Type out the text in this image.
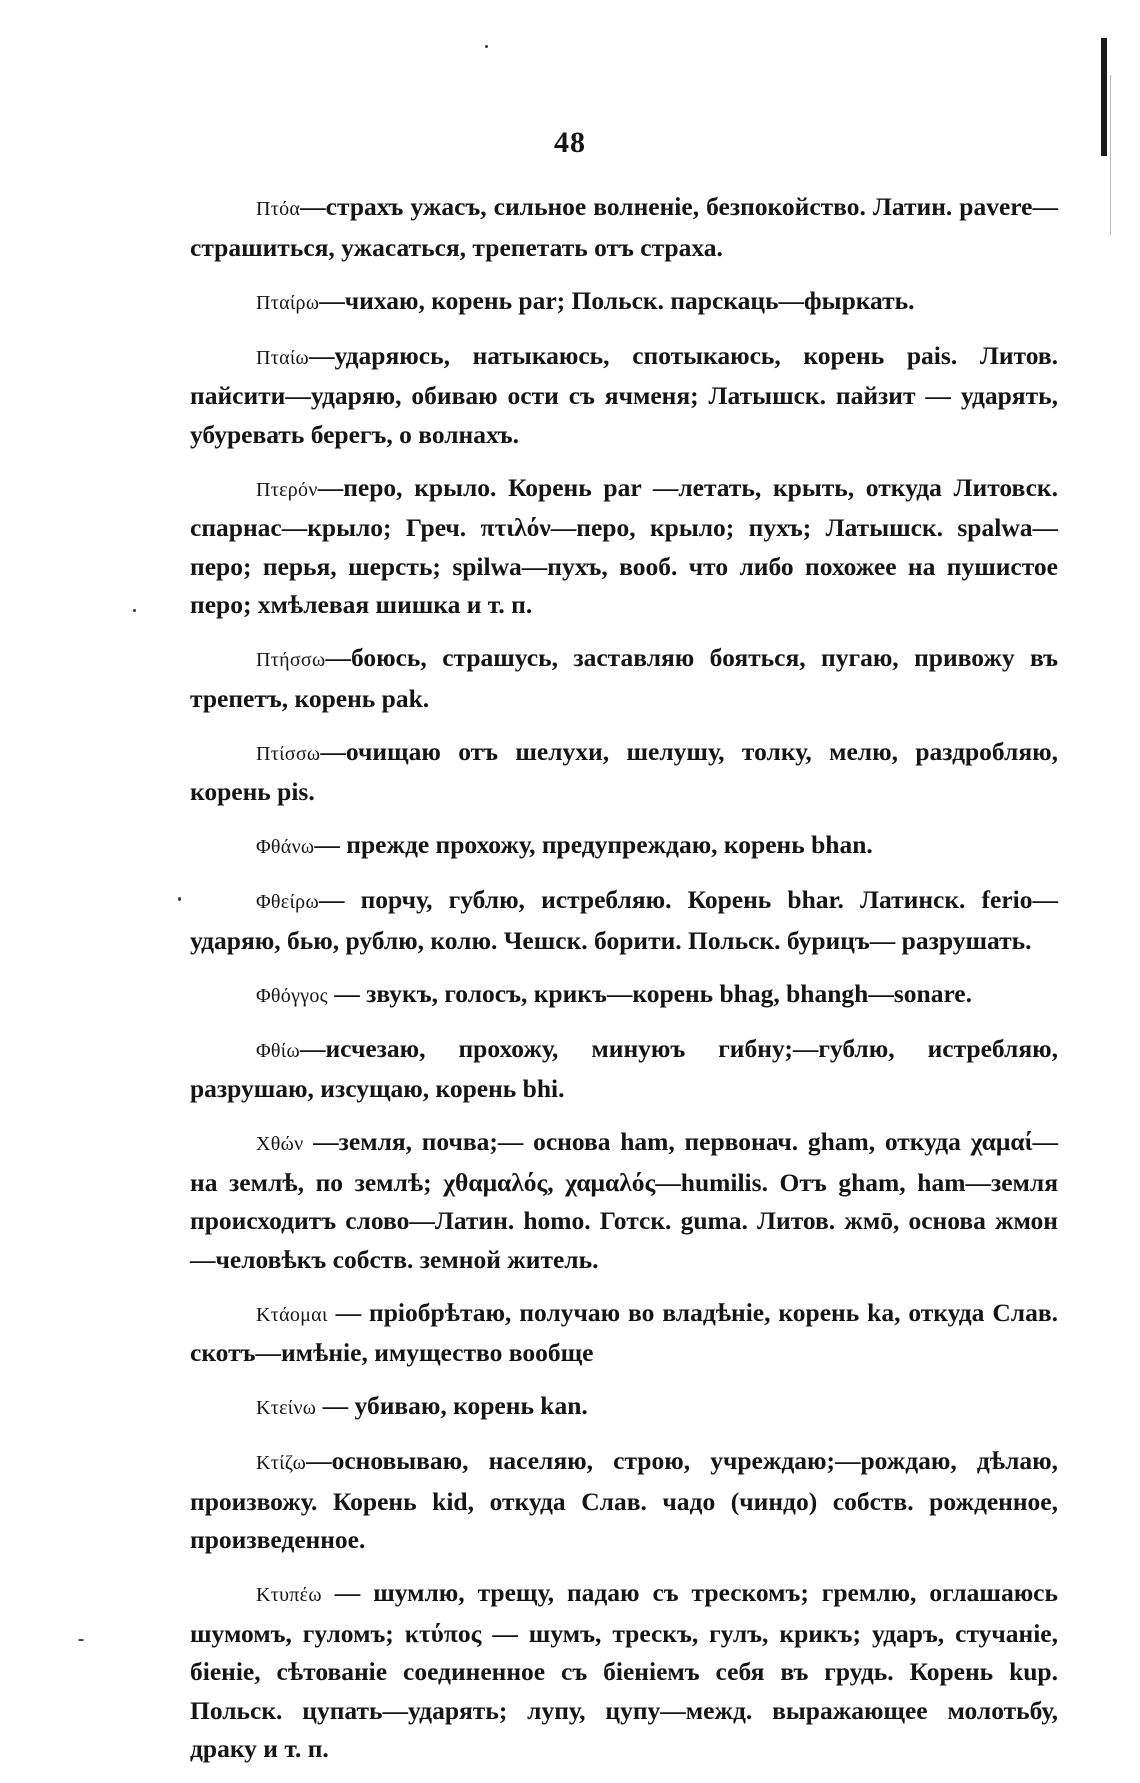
48

Πτόα—страхъ ужасъ, сильное волненіе, безпокойство. Латин. pavere— страшиться, ужасаться, трепетать отъ страха.

Πταίρω—чихаю, корень par; Польск. парскаць—фыркать.

Πταίω—ударяюсь, натыкаюсь, спотыкаюсь, корень pais. Литов. пайсити—ударяю, обиваю ости съ ячменя; Латышск. пайзит — ударять, убуревать берегъ, о волнахъ.

Πτερόν—перо, крыло. Корень par —летать, крыть, откуда Литовск. спарнас—крыло; Греч. πτιλόν—перо, крыло; пухъ; Латышск. spalwa—перо; перья, шерсть; spilwa—пухъ, вооб. что либо похожее на пушистое перо; хмѣлевая шишка и т. п.

Πτήσσω—боюсь, страшусь, заставляю бояться, пугаю, привожу въ трепетъ, корень pak.

Πτίσσω—очищаю отъ шелухи, шелушу, толку, мелю, раздробляю, корень pis.

Φθάνω— прежде прохожу, предупреждаю, корень bhan.

Φθείρω— порчу, гублю, истребляю. Корень bhar. Латинск. ferio—ударяю, бью, рублю, колю. Чешск. борити. Польск. бурицъ— разрушать.

Φθόγγος — звукъ, голосъ, крикъ—корень bhag, bhangh—sonare.

Φθίω—исчезаю, прохожу, минуюъ гибну;—гублю, истребляю, разрушаю, изсущаю, корень bhi.

Χθών —земля, почва;— основа ham, первонач. gham, откуда χαμαί— на землѣ, по землѣ; χθαμαλός, χαμαλός—humilis. Отъ gham, ham—земля происходитъ слово—Латин. homo. Готск. guma. Литов. жмō, основа жмон—человѣкъ собств. земной житель.

Κτάομαι — пріобрѣтаю, получаю во владѣніе, корень ka, откуда Слав. скотъ—имѣніе, имущество вообще

Κτείνω — убиваю, корень kan.

Κτίζω—основываю, населяю, строю, учреждаю;—рождаю, дѣлаю, произвожу. Корень kid, откуда Слав. чадо (чиндо) собств. рожденное, произведенное.

Κτυπέω — шумлю, трещу, падаю съ трескомъ; гремлю, оглашаюсь шумомъ, гуломъ; κτύπος — шумъ, трескъ, гулъ, крикъ; ударъ, стучаніе, біеніе, сѣтованіе соединенное съ біеніемъ себя въ грудь. Корень kup. Польск. цупать—ударять; лупу, цупу—межд. выражающее молотьбу, драку и т. п.
